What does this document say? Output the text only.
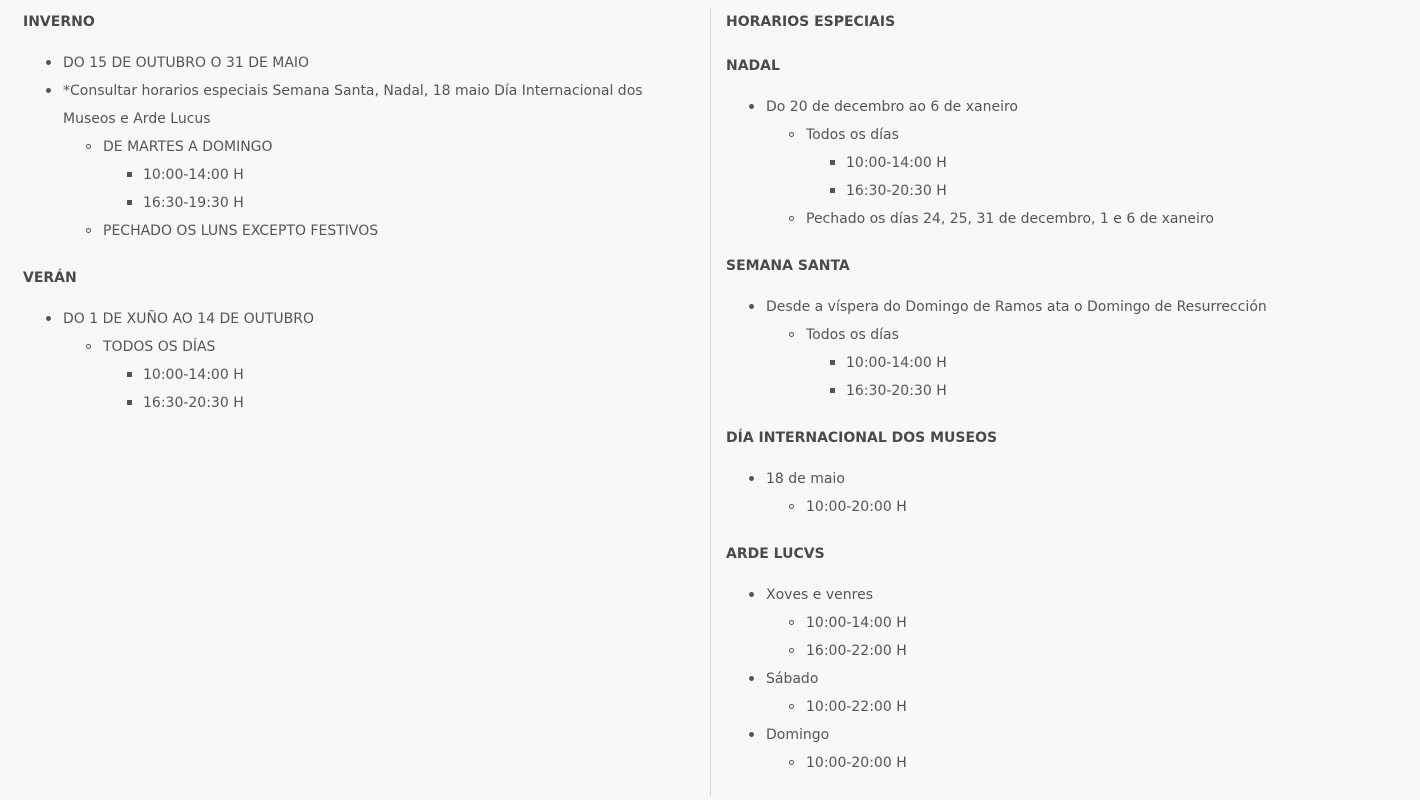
INVERNO
DO 15 DE OUTUBRO O 31 DE MAIO
*Consultar horarios especiais Semana Santa, Nadal, 18 maio Día Internacional dos Museos e Arde Lucus
DE MARTES A DOMINGO
10:00-14:00 H
16:30-19:30 H
PECHADO OS LUNS EXCEPTO FESTIVOS
VERÁN
DO 1 DE XUÑO AO 14 DE OUTUBRO
TODOS OS DÍAS
10:00-14:00 H
16:30-20:30 H
HORARIOS ESPECIAIS
NADAL
Do 20 de decembro ao 6 de xaneiro
Todos os días
10:00-14:00 H
16:30-20:30 H
Pechado os días 24, 25, 31 de decembro, 1 e 6 de xaneiro
SEMANA SANTA
Desde a víspera do Domingo de Ramos ata o Domingo de Resurrección
Todos os días
10:00-14:00 H
16:30-20:30 H
DÍA INTERNACIONAL DOS MUSEOS
18 de maio
10:00-20:00 H
ARDE LUCVS
Xoves e venres
10:00-14:00 H
16:00-22:00 H
Sábado
10:00-22:00 H
Domingo
10:00-20:00 H
